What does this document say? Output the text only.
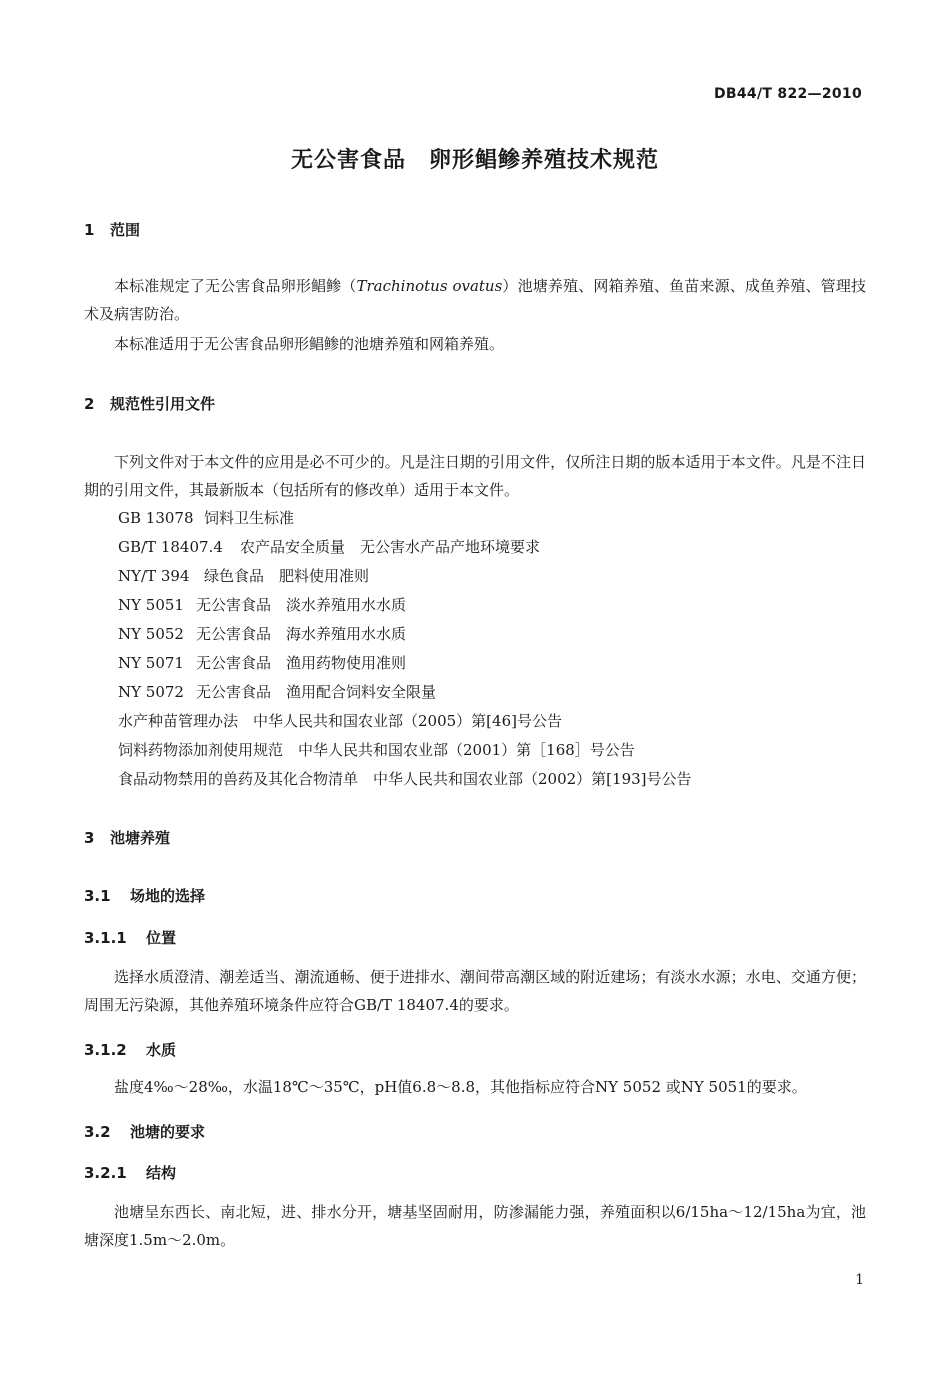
DB44/T 822—2010
无公害食品　卵形鲳鲹养殖技术规范
1 范围
本标准规定了无公害食品卵形鲳鲹（Trachinotus ovatus）池塘养殖、网箱养殖、鱼苗来源、成鱼养殖、管理技术及病害防治。
本标准适用于无公害食品卵形鲳鲹的池塘养殖和网箱养殖。
2 规范性引用文件
下列文件对于本文件的应用是必不可少的。凡是注日期的引用文件，仅所注日期的版本适用于本文件。凡是不注日期的引用文件，其最新版本（包括所有的修改单）适用于本文件。
GB 13078 饲料卫生标准
GB/T 18407.4 农产品安全质量　无公害水产品产地环境要求
NY/T 394 绿色食品　肥料使用准则
NY 5051 无公害食品　淡水养殖用水水质
NY 5052 无公害食品　海水养殖用水水质
NY 5071 无公害食品　渔用药物使用准则
NY 5072 无公害食品　渔用配合饲料安全限量
水产种苗管理办法　中华人民共和国农业部（2005）第[46]号公告
饲料药物添加剂使用规范　中华人民共和国农业部（2001）第［168］号公告
食品动物禁用的兽药及其化合物清单　中华人民共和国农业部（2002）第[193]号公告
3 池塘养殖
3.1 场地的选择
3.1.1 位置
选择水质澄清、潮差适当、潮流通畅、便于进排水、潮间带高潮区域的附近建场；有淡水水源；水电、交通方便；周围无污染源，其他养殖环境条件应符合GB/T 18407.4的要求。
3.1.2 水质
盐度4‰～28‰，水温18℃～35℃，pH值6.8～8.8，其他指标应符合NY 5052 或NY 5051的要求。
3.2 池塘的要求
3.2.1 结构
池塘呈东西长、南北短，进、排水分开，塘基坚固耐用，防渗漏能力强，养殖面积以6/15ha～12/15ha为宜，池塘深度1.5m～2.0m。
1
